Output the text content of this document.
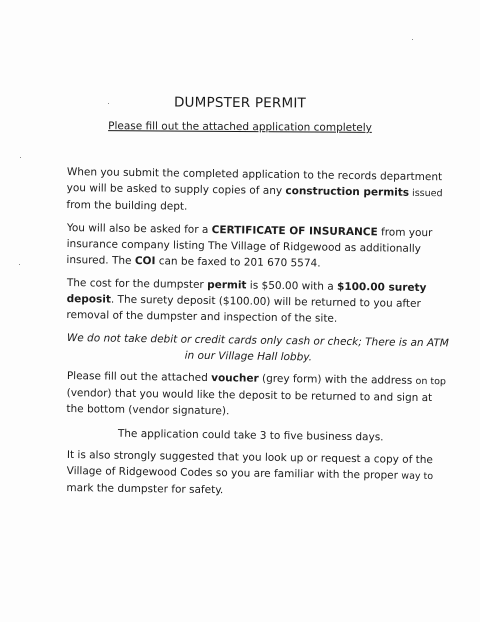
DUMPSTER PERMIT
Please fill out the attached application completely
When you submit the completed application to the records department
you will be asked to supply copies of any construction permits issued
from the building dept.
You will also be asked for a CERTIFICATE OF INSURANCE from your
insurance company listing The Village of Ridgewood as additionally
insured. The COI can be faxed to 201 670 5574.
The cost for the dumpster permit is $50.00 with a $100.00 surety
deposit. The surety deposit ($100.00) will be returned to you after
removal of the dumpster and inspection of the site.
We do not take debit or credit cards only cash or check; There is an ATM
in our Village Hall lobby.
Please fill out the attached voucher (grey form) with the address on top
(vendor) that you would like the deposit to be returned to and sign at
the bottom (vendor signature).
The application could take 3 to five business days.
It is also strongly suggested that you look up or request a copy of the
Village of Ridgewood Codes so you are familiar with the proper way to
mark the dumpster for safety.
